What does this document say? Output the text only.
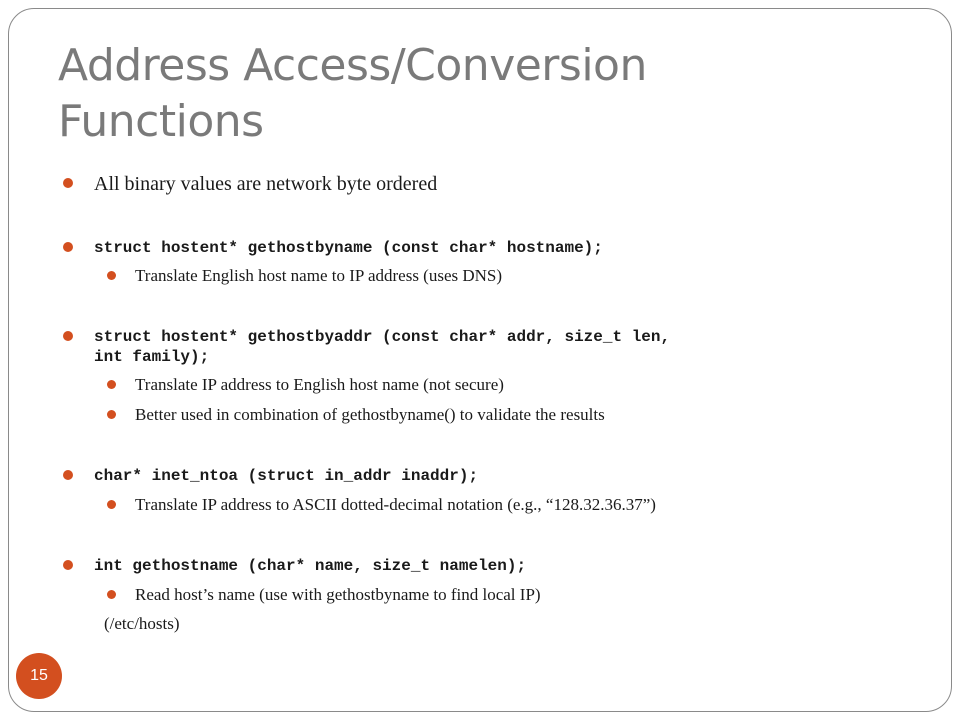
Address Access/Conversion
Functions
All binary values are network byte ordered
struct hostent* gethostbyname (const char* hostname);
Translate English host name to IP address (uses DNS)
struct hostent* gethostbyaddr (const char* addr, size_t len,
int family);
Translate IP address to English host name (not secure)
Better used in combination of gethostbyname() to validate the results
char* inet_ntoa (struct in_addr inaddr);
Translate IP address to ASCII dotted-decimal notation (e.g., “128.32.36.37”)
int gethostname (char* name, size_t namelen);
Read host’s name (use with gethostbyname to find local IP)
(/etc/hosts)
15
